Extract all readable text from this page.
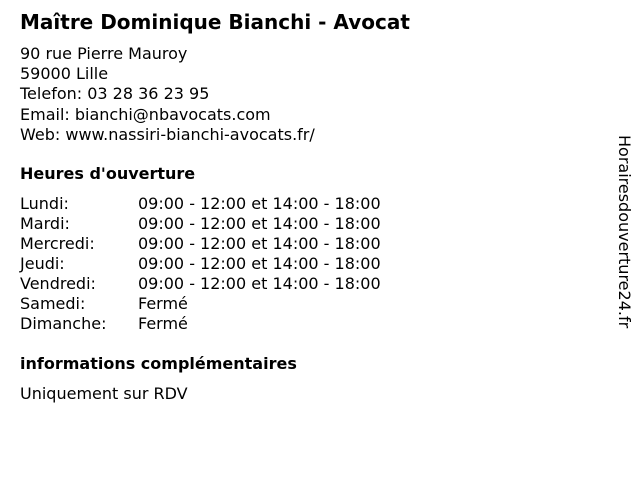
Maître Dominique Bianchi - Avocat
90 rue Pierre Mauroy
59000 Lille
Telefon: 03 28 36 23 95
Email: bianchi@nbavocats.com
Web: www.nassiri-bianchi-avocats.fr/
Heures d'ouverture
Lundi:	09:00 - 12:00 et 14:00 - 18:00
Mardi:	09:00 - 12:00 et 14:00 - 18:00
Mercredi:	09:00 - 12:00 et 14:00 - 18:00
Jeudi:	09:00 - 12:00 et 14:00 - 18:00
Vendredi:	09:00 - 12:00 et 14:00 - 18:00
Samedi:	Fermé
Dimanche:	Fermé
informations complémentaires
Uniquement sur RDV
Horairesdouverture24.fr
